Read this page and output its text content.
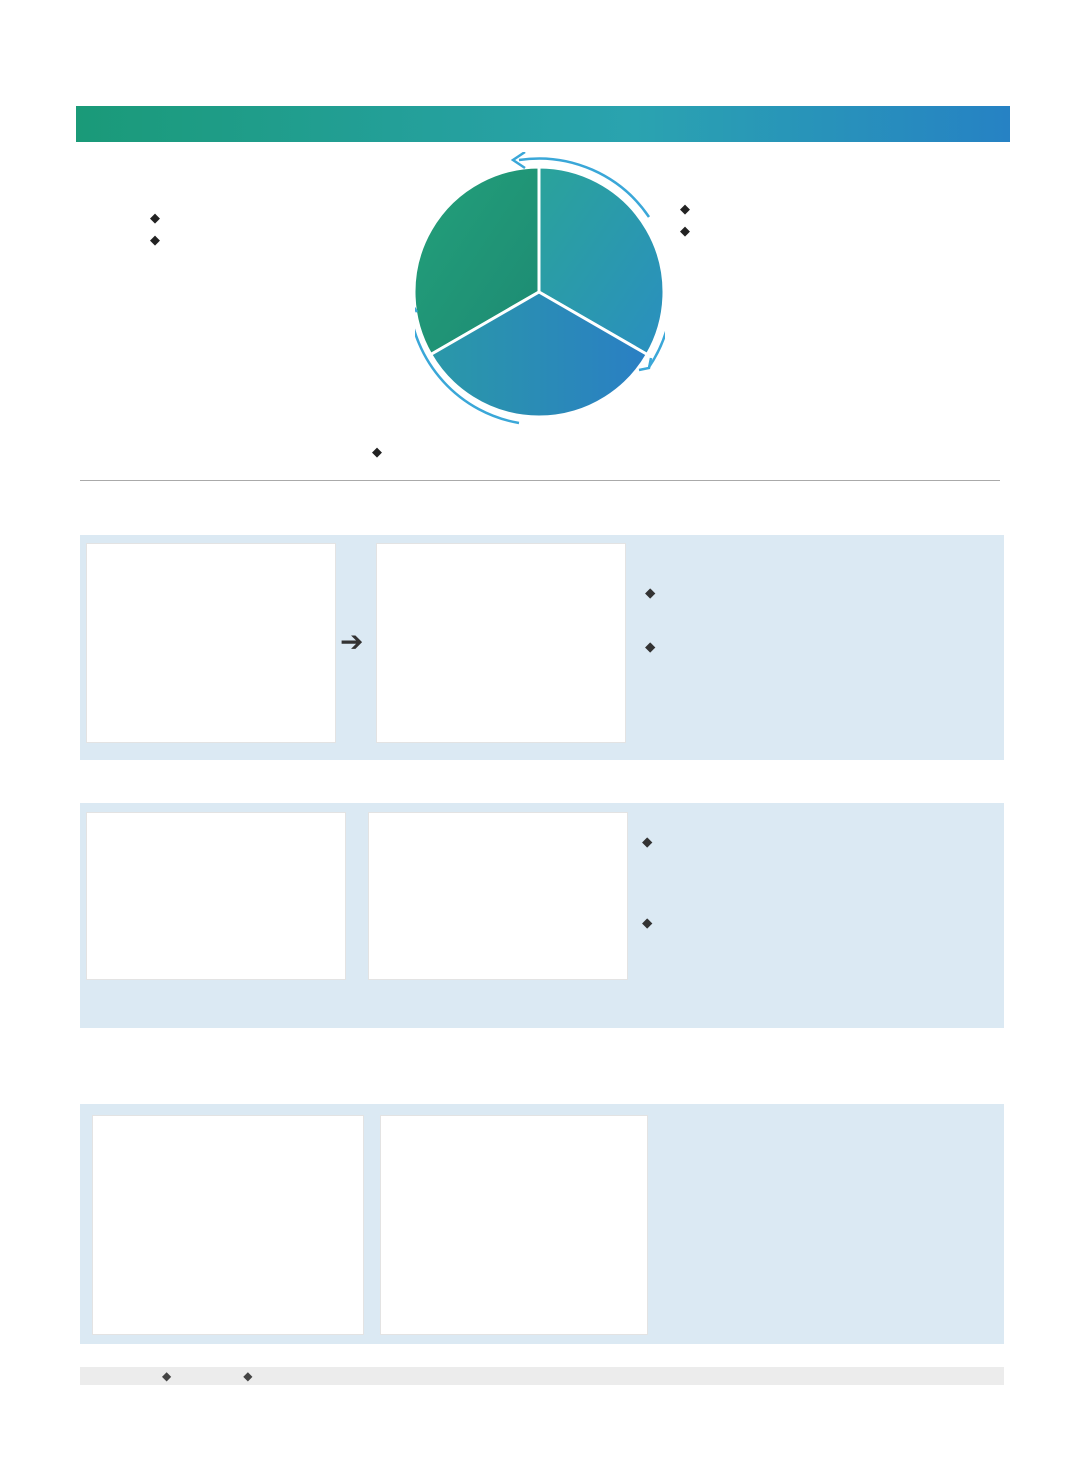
◆
◆
◆
◆
◆
➔
◆

◆
◆
◆

◆	◆
